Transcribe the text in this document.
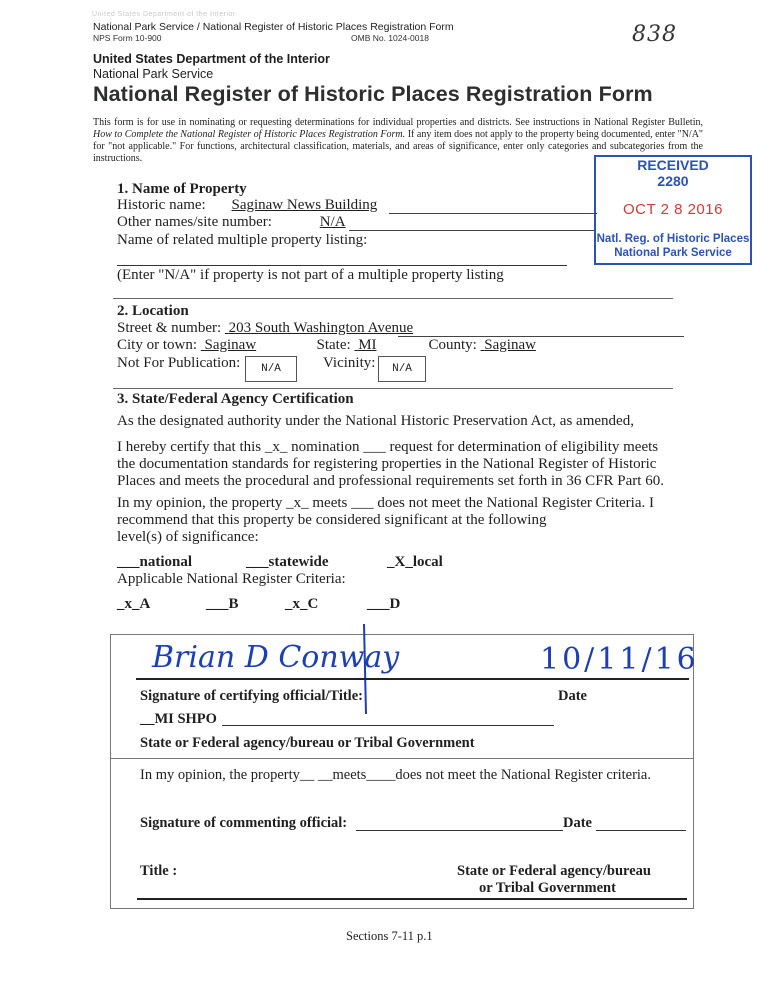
United States Department of the Interior
National Park Service / National Register of Historic Places Registration Form
NPS Form 10-900	OMB No. 1024-0018	838
United States Department of the Interior
National Park Service
National Register of Historic Places Registration Form
This form is for use in nominating or requesting determinations for individual properties and districts. See instructions in National Register Bulletin, How to Complete the National Register of Historic Places Registration Form. If any item does not apply to the property being documented, enter "N/A" for "not applicable." For functions, architectural classification, materials, and areas of significance, enter only categories and subcategories from the instructions.	RECEIVED
2280
OCT 2 8 2016
Natl. Reg. of Historic Places
National Park Service
1. Name of Property
Historic name: Saginaw News Building
Other names/site number:	N/A
Name of related multiple property listing:
(Enter "N/A" if property is not part of a multiple property listing
2. Location
Street & number: 203 South Washington Avenue
City or town: Saginaw	State: MI	County: Saginaw
Not For Publication:	N/A	Vicinity:	N/A
3. State/Federal Agency Certification
As the designated authority under the National Historic Preservation Act, as amended,
I hereby certify that this _x_ nomination ___ request for determination of eligibility meets
the documentation standards for registering properties in the National Register of Historic
Places and meets the procedural and professional requirements set forth in 36 CFR Part 60.
In my opinion, the property _x_ meets ___ does not meet the National Register Criteria. I
recommend that this property be considered significant at the following
level(s) of significance:
___national	___statewide	_X_local
Applicable National Register Criteria:
_x_A	___B	_x_C	___D
Brian D Conway	10/11/16
Signature of certifying official/Title:	Date
__MI SHPO
State or Federal agency/bureau or Tribal Government
In my opinion, the property__ __meets____does not meet the National Register criteria.
Signature of commenting official:	Date
Title :	State or Federal agency/bureau
or Tribal Government
Sections 7-11 p.1
